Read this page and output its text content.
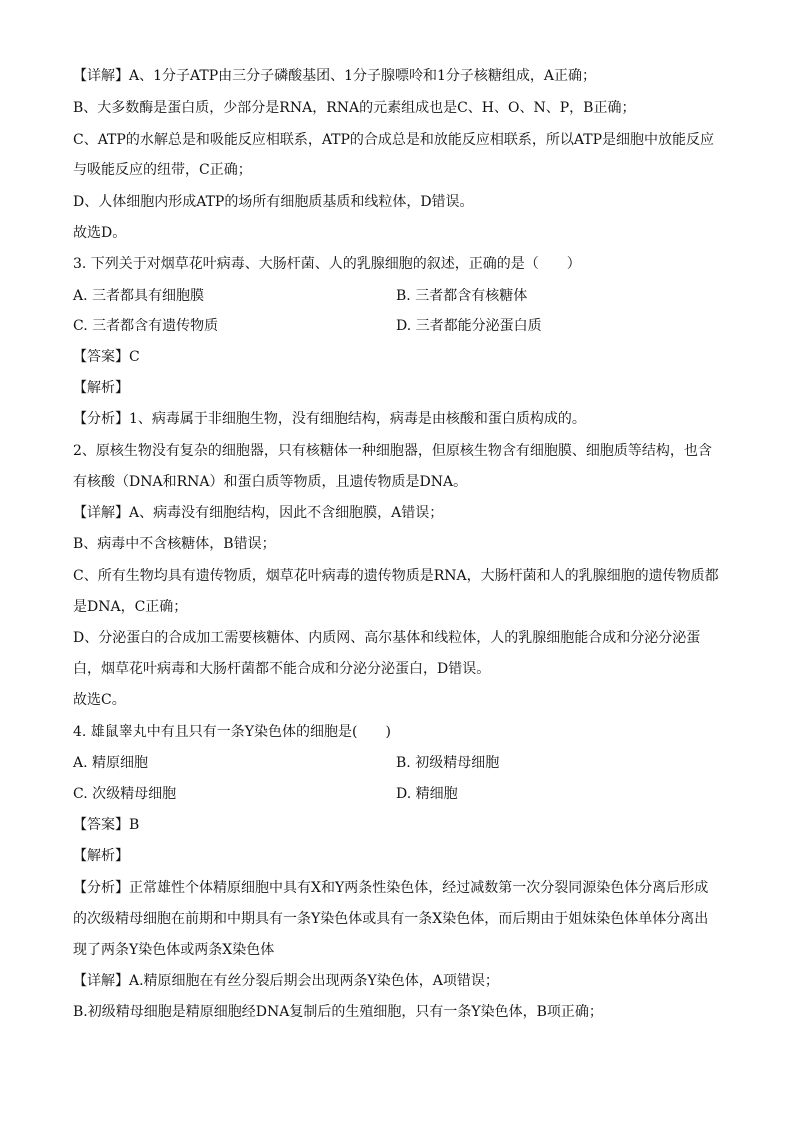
【详解】A、1分子ATP由三分子磷酸基团、1分子腺嘌呤和1分子核糖组成，A正确；
B、大多数酶是蛋白质，少部分是RNA，RNA的元素组成也是C、H、O、N、P，B正确；
C、ATP的水解总是和吸能反应相联系，ATP的合成总是和放能反应相联系，所以ATP是细胞中放能反应
与吸能反应的纽带，C正确；
D、人体细胞内形成ATP的场所有细胞质基质和线粒体，D错误。
故选D。
3. 下列关于对烟草花叶病毒、大肠杆菌、人的乳腺细胞的叙述，正确的是（　　）
A. 三者都具有细胞膜	B. 三者都含有核糖体
C. 三者都含有遗传物质	D. 三者都能分泌蛋白质
【答案】C
【解析】
【分析】1、病毒属于非细胞生物，没有细胞结构，病毒是由核酸和蛋白质构成的。
2、原核生物没有复杂的细胞器，只有核糖体一种细胞器，但原核生物含有细胞膜、细胞质等结构，也含
有核酸（DNA和RNA）和蛋白质等物质，且遗传物质是DNA。
【详解】A、病毒没有细胞结构，因此不含细胞膜，A错误；
B、病毒中不含核糖体，B错误；
C、所有生物均具有遗传物质，烟草花叶病毒的遗传物质是RNA，大肠杆菌和人的乳腺细胞的遗传物质都
是DNA，C正确；
D、分泌蛋白的合成加工需要核糖体、内质网、高尔基体和线粒体，人的乳腺细胞能合成和分泌分泌蛋
白，烟草花叶病毒和大肠杆菌都不能合成和分泌分泌蛋白，D错误。
故选C。
4. 雄鼠睾丸中有且只有一条Y染色体的细胞是(　　)
A. 精原细胞	B. 初级精母细胞
C. 次级精母细胞	D. 精细胞
【答案】B
【解析】
【分析】正常雄性个体精原细胞中具有X和Y两条性染色体，经过减数第一次分裂同源染色体分离后形成
的次级精母细胞在前期和中期具有一条Y染色体或具有一条X染色体，而后期由于姐妹染色体单体分离出
现了两条Y染色体或两条X染色体
【详解】A.精原细胞在有丝分裂后期会出现两条Y染色体，A项错误；
B.初级精母细胞是精原细胞经DNA复制后的生殖细胞，只有一条Y染色体，B项正确；
